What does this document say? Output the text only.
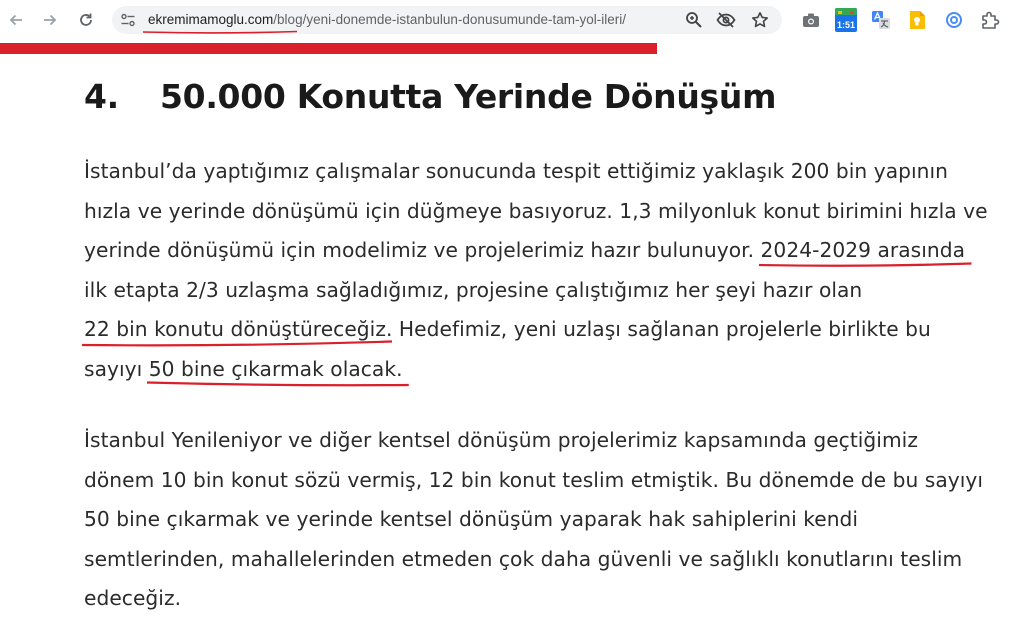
ekremimamoglu.com/blog/yeni-donemde-istanbulun-donusumunde-tam-yol-ileri/	1:51
4. 50.000 Konutta Yerinde Dönüşüm

İstanbul’da yaptığımız çalışmalar sonucunda tespit ettiğimiz yaklaşık 200 bin yapının hızla ve yerinde dönüşümü için düğmeye basıyoruz. 1,3 milyonluk konut birimini hızla ve yerinde dönüşümü için modelimiz ve projelerimiz hazır bulunuyor. 2024-2029 arasında
ilk etapta 2/3 uzlaşma sağladığımız, projesine çalıştığımız her şeyi hazır olan 22 bin konutu dönüştüreceğiz
. Hedefimiz, yeni uzlaşı sağlanan projelerle birlikte bu sayıyı 50 bine çıkarmak olacak.

İstanbul Yenileniyor ve diğer kentsel dönüşüm projelerimiz kapsamında geçtiğimiz dönem 10 bin konut sözü vermiş, 12 bin konut teslim etmiştik. Bu dönemde de bu sayıyı 50 bine çıkarmak ve yerinde kentsel dönüşüm yaparak hak sahiplerini kendi semtlerinden, mahallelerinden etmeden çok daha güvenli ve sağlıklı konutlarını teslim edeceğiz.
